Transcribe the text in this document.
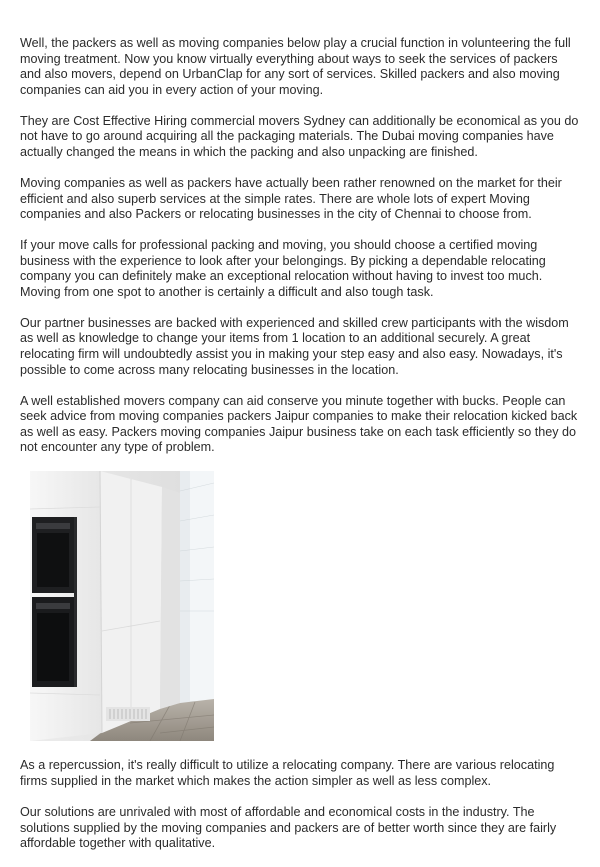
Well, the packers as well as moving companies below play a crucial function in volunteering the full moving treatment. Now you know virtually everything about ways to seek the services of packers and also movers, depend on UrbanClap for any sort of services. Skilled packers and also moving companies can aid you in every action of your moving.

They are Cost Effective Hiring commercial movers Sydney can additionally be economical as you do not have to go around acquiring all the packaging materials. The Dubai moving companies have actually changed the means in which the packing and also unpacking are finished.

Moving companies as well as packers have actually been rather renowned on the market for their efficient and also superb services at the simple rates. There are whole lots of expert Moving companies and also Packers or relocating businesses in the city of Chennai to choose from.

If your move calls for professional packing and moving, you should choose a certified moving business with the experience to look after your belongings. By picking a dependable relocating company you can definitely make an exceptional relocation without having to invest too much. Moving from one spot to another is certainly a difficult and also tough task.

Our partner businesses are backed with experienced and skilled crew participants with the wisdom as well as knowledge to change your items from 1 location to an additional securely. A great relocating firm will undoubtedly assist you in making your step easy and also easy. Nowadays, it's possible to come across many relocating businesses in the location.

A well established movers company can aid conserve you minute together with bucks. People can seek advice from moving companies packers Jaipur companies to make their relocation kicked back as well as easy. Packers moving companies Jaipur business take on each task efficiently so they do not encounter any type of problem.

As a repercussion, it's really difficult to utilize a relocating company. There are various relocating firms supplied in the market which makes the action simpler as well as less complex.

Our solutions are unrivaled with most of affordable and economical costs in the industry. The solutions supplied by the moving companies and packers are of better worth since they are fairly affordable together with qualitative.
